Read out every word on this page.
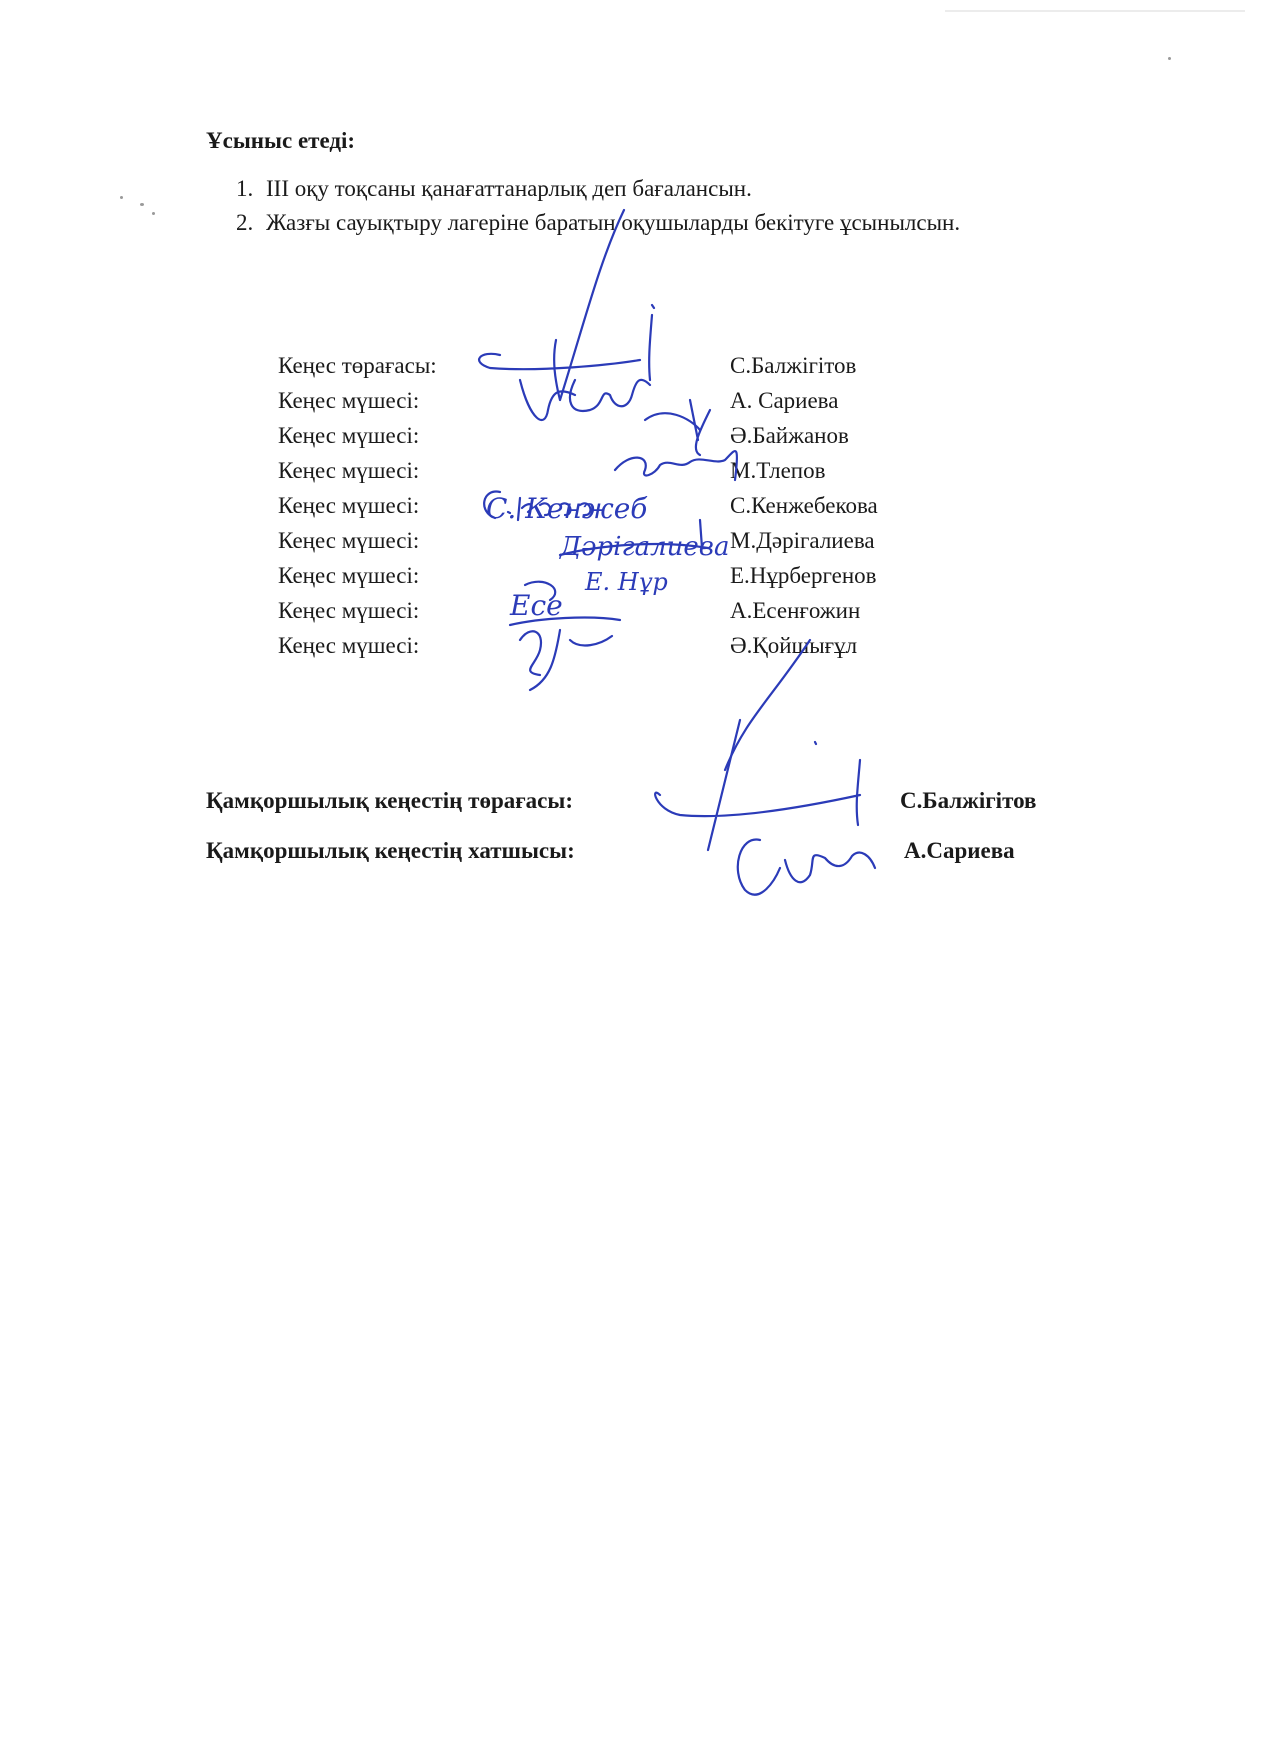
Ұсыныс етеді:
1. ІІІ оқу тоқсаны қанағаттанарлық деп бағалансын.
2. Жазғы сауықтыру лагеріне баратын оқушыларды бекітуге ұсынылсын.
Кеңес төрағасы:	С.Балжігітов
Кеңес мүшесі:	А. Сариева
Кеңес мүшесі:	Ә.Байжанов
Кеңес мүшесі:	М.Тлепов
Кеңес мүшесі:	С.Кенжебекова
Кеңес мүшесі:	М.Дәрігалиева
Кеңес мүшесі:	Е.Нұрбергенов
Кеңес мүшесі:	А.Есенғожин
Кеңес мүшесі:	Ә.Қойшығұл
Қамқоршылық кеңестің төрағасы:	С.Балжігітов
Қамқоршылық кеңестің хатшысы:	А.Сариева
С. Кенжеб
Дәрігалиева
Е. Нұр
Есе
